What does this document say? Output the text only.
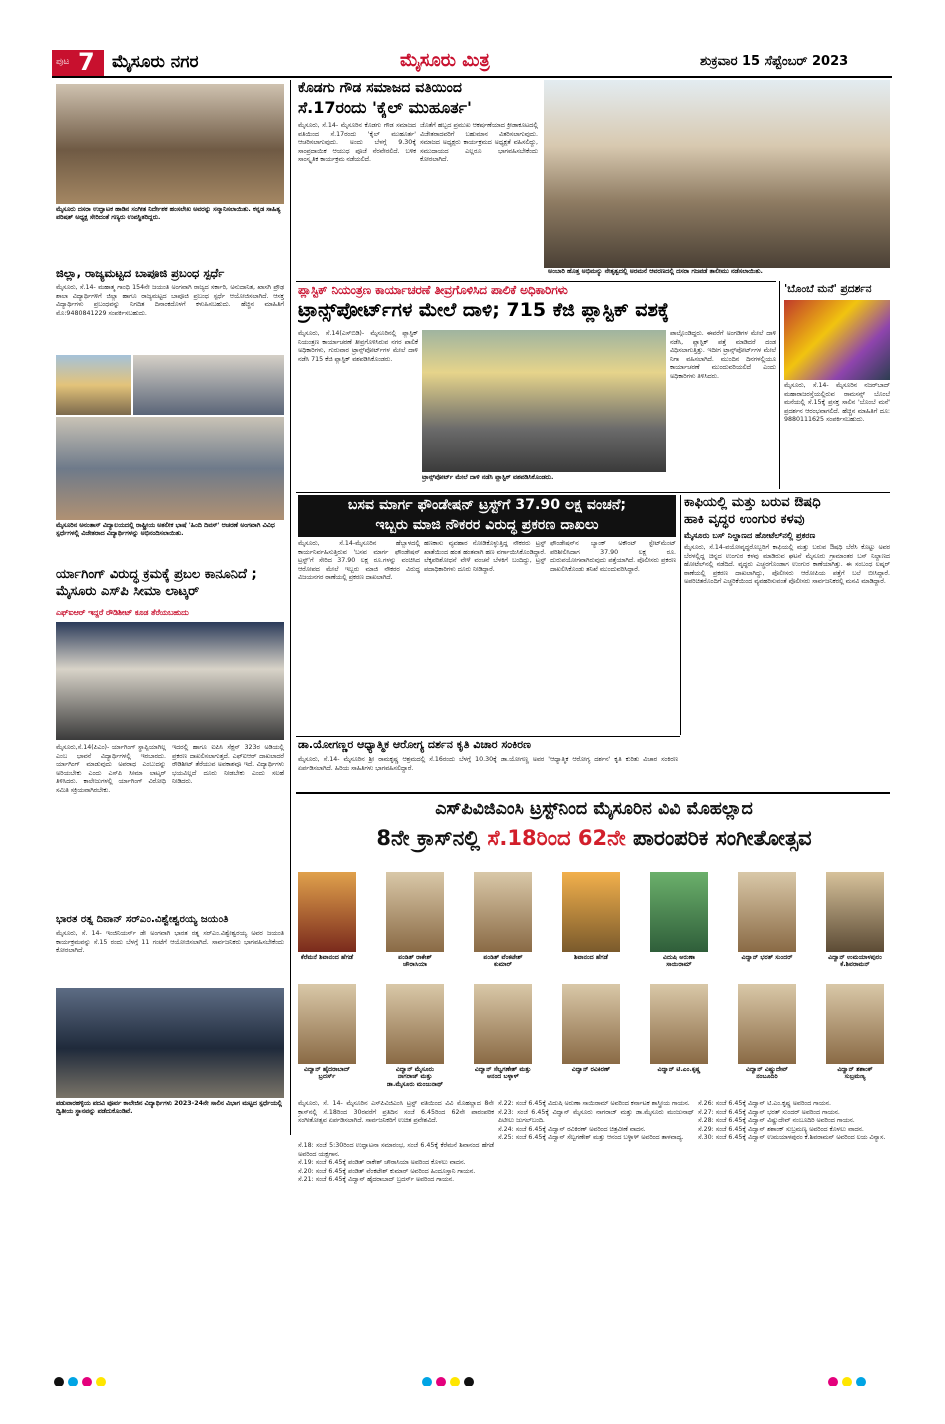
ಪುಟ 7 ಮೈಸೂರು ನಗರ	ಮೈಸೂರು ಮಿತ್ರ	ಶುಕ್ರವಾರ 15 ಸೆಪ್ಟೆಂಬರ್ 2023
ಮೈಸೂರು ದಸರಾ ಉದ್ಘಾಟಕ ಹಾಡಿನ ಸಂಗೀತ ನಿರ್ದೇಶಕ ಹಂಸಲೇಖ ಅವರನ್ನು ಸನ್ಮಾನಿಸಲಾಯಿತು. ಕನ್ನಡ ಸಾಹಿತ್ಯ ಪರಿಷತ್ ಅಧ್ಯಕ್ಷ ಸೇರಿದಂತೆ ಗಣ್ಯರು ಉಪಸ್ಥಿತರಿದ್ದರು.
ಜಿಲ್ಲಾ, ರಾಜ್ಯಮಟ್ಟದ ಬಾಪೂಜಿ ಪ್ರಬಂಧ ಸ್ಪರ್ಧೆ
ಮೈಸೂರು, ಸೆ.14- ಮಹಾತ್ಮ ಗಾಂಧಿ 154ನೇ ಜಯಂತಿ ಅಂಗವಾಗಿ ರಾಜ್ಯದ ಸರ್ಕಾರಿ, ಅನುದಾನಿತ, ಖಾಸಗಿ ಪ್ರೌಢ ಶಾಲಾ ವಿದ್ಯಾರ್ಥಿಗಳಿಗೆ ಜಿಲ್ಲಾ ಹಾಗೂ ರಾಜ್ಯಮಟ್ಟದ ಬಾಪೂಜಿ ಪ್ರಬಂಧ ಸ್ಪರ್ಧೆ ಆಯೋಜಿಸಲಾಗಿದೆ. ಆಸಕ್ತ ವಿದ್ಯಾರ್ಥಿಗಳು ಪ್ರಬಂಧವನ್ನು ನಿಗದಿತ ದಿನಾಂಕದೊಳಗೆ ಕಳುಹಿಸಬಹುದು. ಹೆಚ್ಚಿನ ಮಾಹಿತಿಗೆ ಮೊ:9480841229 ಸಂಪರ್ಕಿಸಬಹುದು.
ಮೈಸೂರಿನ ಅನಂತಾಸ್ ವಿದ್ಯಾಲಯದಲ್ಲಿ ರಾಷ್ಟ್ರೀಯ ಅತಲೀಕ ಭಾಷೆ 'ಹಿಂದಿ ದಿವಸ್' ಆಚರಣೆ ಅಂಗವಾಗಿ ವಿವಿಧ ಸ್ಪರ್ಧೆಗಳಲ್ಲಿ ವಿಜೇತರಾದ ವಿದ್ಯಾರ್ಥಿಗಳನ್ನು ಅಭಿನಂದಿಸಲಾಯಿತು.
ರ್ಯಾಗಿಂಗ್ ವಿರುದ್ಧ ಕ್ರಮಕ್ಕೆ ಪ್ರಬಲ ಕಾನೂನಿದೆ ; ಮೈಸೂರು ಎಸ್‌ಪಿ ಸೀಮಾ ಲಾಟ್ಕರ್
ಎಫ್‌ಐಆರ್ ಇದ್ದರೆ ರೌಡಿಶೀಟ್ ಕೂಡ ತೆರೆಯಬಹುದು
ಮೈಸೂರು,ಸೆ.14(ಪಿಎಂ)- ರ್ಯಾಗಿಂಗ್ ಸ್ಥಾಪ್ಪಿಯಾಗಿಲ್ಲ ಎಂಬ ಭಾವನೆ ವಿದ್ಯಾರ್ಥಿಗಳಲ್ಲಿ ಇರಬಾರದು. ರ್ಯಾಗಿಂಗ್ ಮಾಡುವುದು ಅಪರಾಧ ಎಂಬುದನ್ನು ಅರಿಯಬೇಕು ಎಂದು ಎಸ್‌ಪಿ ಸೀಮಾ ಲಾಟ್ಕರ್ ತಿಳಿಸಿದರು. ಕಾಲೇಜುಗಳಲ್ಲಿ ರ್ಯಾಗಿಂಗ್ ವಿರೋಧಿ ಸಮಿತಿ ಸಕ್ರಿಯವಾಗಿರಬೇಕು.
ಇದರಲ್ಲಿ ಹಾಗೂ ಐಪಿಸಿ ಸೆಕ್ಷನ್ 323ರ ಅಡಿಯಲ್ಲಿ ಪ್ರಕರಣ ದಾಖಲಿಸಲಾಗುತ್ತದೆ. ಎಫ್‌ಐಆರ್ ದಾಖಲಾದರೆ ರೌಡಿಶೀಟ್ ತೆರೆಯುವ ಅವಕಾಶವೂ ಇದೆ. ವಿದ್ಯಾರ್ಥಿಗಳು ಭಯವಿಲ್ಲದೆ ದೂರು ನೀಡಬೇಕು ಎಂದು ಸಲಹೆ ನೀಡಿದರು.
ಭಾರತ ರತ್ನ ದಿವಾನ್ ಸರ್‌ಎಂ.ವಿಶ್ವೇಶ್ವರಯ್ಯ ಜಯಂತಿ
ಮೈಸೂರು, ಸೆ. 14- ಇಂಜಿನಿಯರ್ಸ್ ಡೇ ಅಂಗವಾಗಿ ಭಾರತ ರತ್ನ ಸರ್‌ಎಂ.ವಿಶ್ವೇಶ್ವರಯ್ಯ ಅವರ ಜಯಂತಿ ಕಾರ್ಯಕ್ರಮವನ್ನು ಸೆ.15 ರಂದು ಬೆಳಗ್ಗೆ 11 ಗಂಟೆಗೆ ಆಯೋಜಿಸಲಾಗಿದೆ. ಸಾರ್ವಜನಿಕರು ಭಾಗವಹಿಸಬೇಕೆಂದು ಕೋರಲಾಗಿದೆ.
ಪಡುವಾರಹಳ್ಳಿಯ ಪದವಿ ಪೂರ್ವ ಕಾಲೇಜಿನ ವಿದ್ಯಾರ್ಥಿಗಳು 2023-24ನೇ ಸಾಲಿನ ವಿಭಾಗ ಮಟ್ಟದ ಸ್ಪರ್ಧೆಯಲ್ಲಿ ದ್ವಿತೀಯ ಸ್ಥಾನವನ್ನು ಪಡೆದುಕೊಂಡಿವೆ.
ಕೊಡಗು ಗೌಡ ಸಮಾಜದ ವತಿಯಿಂದ
ಸೆ.17ರಂದು 'ಕೈಲ್ ಮುಹೂರ್ತ'
ಮೈಸೂರು, ಸೆ.14- ಮೈಸೂರಿನ ಕೊಡಗು ಗೌಡ ಸಮಾಜದ ವತಿಯಿಂದ ಸೆ.17ರಂದು 'ಕೈಲ್ ಮುಹೂರ್ತ' ಆಚರಿಸಲಾಗುವುದು. ಅಂದು ಬೆಳಗ್ಗೆ 9.30ಕ್ಕೆ ಸಾಂಪ್ರದಾಯಿಕ ಆಯುಧ ಪೂಜೆ ನೆರವೇರಲಿದೆ. ಬಳಿಕ ಸಾಂಸ್ಕೃತಿಕ ಕಾರ್ಯಕ್ರಮ ನಡೆಯಲಿದೆ.
ಜೊತೆಗೆ ಹಬ್ಬದ ಪ್ರಮುಖ ಆಕರ್ಷಣೆಯಾದ ಕ್ರೀಡಾಕೂಟದಲ್ಲಿ ವಿಜೇತರಾದವರಿಗೆ ಬಹುಮಾನ ವಿತರಿಸಲಾಗುವುದು. ಸಮಾಜದ ಅಧ್ಯಕ್ಷರು ಕಾರ್ಯಕ್ರಮದ ಅಧ್ಯಕ್ಷತೆ ವಹಿಸಲಿದ್ದು, ಸಮುದಾಯದ ಎಲ್ಲರೂ ಭಾಗವಹಿಸಬೇಕೆಂದು ಕೋರಲಾಗಿದೆ.
ಅಂಬಾರಿ ಹೊತ್ತ ಅಭಿಮನ್ಯು ನೇತೃತ್ವದಲ್ಲಿ ಅರಮನೆ ಆವರಣದಲ್ಲಿ ದಸರಾ ಗಜಪಡೆ ತಾಲೀಮು ನಡೆಸಲಾಯಿತು.
ಪ್ಲಾಸ್ಟಿಕ್ ನಿಯಂತ್ರಣ ಕಾರ್ಯಾಚರಣೆ ತೀವ್ರಗೊಳಿಸಿದ ಪಾಲಿಕೆ ಅಧಿಕಾರಿಗಳು
ಟ್ರಾನ್ಸ್‌ಪೋರ್ಟ್‌ಗಳ ಮೇಲೆ ದಾಳಿ; 715 ಕೆಜಿ ಪ್ಲಾಸ್ಟಿಕ್ ವಶಕ್ಕೆ
ಮೈಸೂರು, ಸೆ.14(ಎಸ್‌ಬಿಡಿ)- ಮೈಸೂರಿನಲ್ಲಿ ಪ್ಲಾಸ್ಟಿಕ್ ನಿಯಂತ್ರಣ ಕಾರ್ಯಾಚರಣೆ ತೀವ್ರಗೊಳಿಸಿರುವ ನಗರ ಪಾಲಿಕೆ ಅಧಿಕಾರಿಗಳು, ಗುರುವಾರ ಟ್ರಾನ್ಸ್‌ಪೋರ್ಟ್‌ಗಳ ಮೇಲೆ ದಾಳಿ ನಡೆಸಿ 715 ಕೆಜಿ ಪ್ಲಾಸ್ಟಿಕ್ ವಶಪಡಿಸಿಕೊಂಡರು.
ಟ್ರಾನ್ಸ್‌ಪೋರ್ಟ್ ಮೇಲೆ ದಾಳಿ ನಡೆಸಿ ಪ್ಲಾಸ್ಟಿಕ್ ವಶಪಡಿಸಿಕೊಂಡರು.
ಪಾಲ್ಗೊಂಡಿದ್ದರು. ಈವರೆಗೆ ಅಂಗಡಿಗಳ ಮೇಲೆ ದಾಳಿ ನಡೆಸಿ, ಪ್ಲಾಸ್ಟಿಕ್ ಪತ್ತೆ ಮಾಡಿದರೆ ದಂಡ ವಿಧಿಸಲಾಗುತ್ತಿತ್ತು. ಇದೀಗ ಟ್ರಾನ್ಸ್‌ಪೋರ್ಟ್‌ಗಳ ಮೇಲೆ ನಿಗಾ ವಹಿಸಲಾಗಿದೆ. ಮುಂದಿನ ದಿನಗಳಲ್ಲಿಯೂ ಕಾರ್ಯಾಚರಣೆ ಮುಂದುವರಿಯಲಿದೆ ಎಂದು ಅಧಿಕಾರಿಗಳು ತಿಳಿಸಿದರು.
'ಬೊಂಬೆ ಮನೆ' ಪ್ರದರ್ಶನ
ಮೈಸೂರು, ಸೆ.14- ಮೈಸೂರಿನ ನಜರ್‌ಬಾದ್ ಮಹಾರಾಜರಸ್ತೆಯಲ್ಲಿರುವ ರಾಮಸನ್ಸ್ ಬೊಂಬೆ ಮನೆಯಲ್ಲಿ ಸೆ.15ಕ್ಕೆ ಪ್ರಸಕ್ತ ಸಾಲಿನ 'ಬೊಂಬೆ ಮನೆ' ಪ್ರದರ್ಶನ ಆರಂಭವಾಗಲಿದೆ. ಹೆಚ್ಚಿನ ಮಾಹಿತಿಗೆ ದೂ: 9880111625 ಸಂಪರ್ಕಿಸಬಹುದು.
ಬಸವ ಮಾರ್ಗ ಫೌಂಡೇಷನ್ ಟ್ರಸ್ಟ್‌ಗೆ 37.90 ಲಕ್ಷ ವಂಚನೆ;
ಇಬ್ಬರು ಮಾಜಿ ನೌಕರರ ವಿರುದ್ಧ ಪ್ರಕರಣ ದಾಖಲು
ಮೈಸೂರು, ಸೆ.14-ಮೈಸೂರಿನ ಹೆಬ್ಬಾಳದಲ್ಲಿ ಕಾರ್ಯನಿರ್ವಹಿಸುತ್ತಿರುವ 'ಬಸವ ಮಾರ್ಗ ಫೌಂಡೇಷನ್ ಟ್ರಸ್ಟ್‌'ಗೆ ಸೇರಿದ 37.90 ಲಕ್ಷ ರೂ.ಗಳನ್ನು ವಂಚಿಸಿದ ಆರೋಪದ ಮೇಲೆ ಇಬ್ಬರು ಮಾಜಿ ನೌಕರರ ವಿರುದ್ಧ ವಿಜಯನಗರ ಠಾಣೆಯಲ್ಲಿ ಪ್ರಕರಣ ದಾಖಲಾಗಿದೆ.
ಹಣಕಾಸು ವ್ಯವಹಾರ ನೋಡಿಕೊಳ್ಳುತ್ತಿದ್ದ ನೌಕರರು ಟ್ರಸ್ಟ್ ಖಾತೆಯಿಂದ ಹಂತ ಹಂತವಾಗಿ ಹಣ ವರ್ಗಾಯಿಸಿಕೊಂಡಿದ್ದಾರೆ. ಲೆಕ್ಕಪರಿಶೋಧನೆ ವೇಳೆ ವಂಚನೆ ಬೆಳಕಿಗೆ ಬಂದಿದ್ದು, ಟ್ರಸ್ಟ್ ಪದಾಧಿಕಾರಿಗಳು ದೂರು ನೀಡಿದ್ದಾರೆ.
ಫೌಂಡೇಷನ್‌ನ ಬ್ಯಾಂಕ್ ಅಕೌಂಟ್ ಸ್ಟೇಟ್‌ಮೆಂಟ್ ಪರಿಶೀಲಿಸಿದಾಗ 37.90 ಲಕ್ಷ ರೂ. ದುರುಪಯೋಗವಾಗಿರುವುದು ಪತ್ತೆಯಾಗಿದೆ. ಪೊಲೀಸರು ಪ್ರಕರಣ ದಾಖಲಿಸಿಕೊಂಡು ತನಿಖೆ ಮುಂದುವರಿಸಿದ್ದಾರೆ.
ಕಾಫಿಯಲ್ಲಿ ಮತ್ತು ಬರುವ ಔಷಧಿ
ಹಾಕಿ ವೃದ್ಧರ ಉಂಗುರ ಕಳವು
ಮೈಸೂರು ಬಸ್ ನಿಲ್ದಾಣದ ಹೋಟೆಲ್‌ನಲ್ಲಿ ಪ್ರಕರಣ
ಮೈಸೂರು, ಸೆ.14-ವಯೋವೃದ್ಧರೊಬ್ಬರಿಗೆ ಕಾಫಿಯಲ್ಲಿ ಮತ್ತು ಬರುವ ಔಷಧಿ ಬೆರೆಸಿ ಕೊಟ್ಟು ಅವರ ಬೆರಳಲ್ಲಿದ್ದ ಚಿನ್ನದ ಉಂಗುರ ಕಳವು ಮಾಡಿರುವ ಘಟನೆ ಮೈಸೂರು ಗ್ರಾಮಾಂತರ ಬಸ್ ನಿಲ್ದಾಣದ ಹೋಟೆಲ್‌ನಲ್ಲಿ ನಡೆದಿದೆ. ವೃದ್ಧರು ಎಚ್ಚರಗೊಂಡಾಗ ಉಂಗುರ ಕಾಣೆಯಾಗಿತ್ತು. ಈ ಸಂಬಂಧ ಲಷ್ಕರ್ ಠಾಣೆಯಲ್ಲಿ ಪ್ರಕರಣ ದಾಖಲಾಗಿದ್ದು, ಪೊಲೀಸರು ಆರೋಪಿಯ ಪತ್ತೆಗೆ ಬಲೆ ಬೀಸಿದ್ದಾರೆ. ಅಪರಿಚಿತರೊಂದಿಗೆ ಎಚ್ಚರಿಕೆಯಿಂದ ವ್ಯವಹರಿಸುವಂತೆ ಪೊಲೀಸರು ಸಾರ್ವಜನಿಕರಲ್ಲಿ ಮನವಿ ಮಾಡಿದ್ದಾರೆ.
ಡಾ.ಯೋಗಣ್ಣರ ಆಧ್ಯಾತ್ಮಿಕ ಆರೋಗ್ಯ ದರ್ಶನ ಕೃತಿ ವಿಚಾರ ಸಂಕಿರಣ
ಮೈಸೂರು, ಸೆ.14- ಮೈಸೂರಿನ ಶ್ರೀ ರಾಮಕೃಷ್ಣ ಆಶ್ರಮದಲ್ಲಿ ಸೆ.16ರಂದು ಬೆಳಗ್ಗೆ 10.30ಕ್ಕೆ ಡಾ.ಯೋಗಣ್ಣ ಅವರ 'ಆಧ್ಯಾತ್ಮಿಕ ಆರೋಗ್ಯ ದರ್ಶನ' ಕೃತಿ ಕುರಿತು ವಿಚಾರ ಸಂಕಿರಣ ಏರ್ಪಡಿಸಲಾಗಿದೆ. ಹಿರಿಯ ಸಾಹಿತಿಗಳು ಭಾಗವಹಿಸಲಿದ್ದಾರೆ.
ಎಸ್‌ಪಿವಿಜಿಎಂಸಿ ಟ್ರಸ್ಟ್‌ನಿಂದ ಮೈಸೂರಿನ ವಿವಿ ಮೊಹಲ್ಲಾದ
8ನೇ ಕ್ರಾಸ್‌ನಲ್ಲಿ ಸೆ.18ರಿಂದ 62ನೇ ಪಾರಂಪರಿಕ ಸಂಗೀತೋತ್ಸವ
ಕೆರೆಮನೆ ಶಿವಾನಂದ ಹೆಗಡೆ	ಪಂಡಿತ್ ರಾಕೇಶ್ ಚೌರಾಸಿಯಾ
ಪಂಡಿತ್ ವೆಂಕಟೇಶ್ ಕುಮಾರ್
ಶಿವಾನಂದ ಹೆಗಡೆ	ವಿದುಷಿ ಅರುಣಾ ಸಾಯಿರಾಮ್
ವಿದ್ವಾನ್ ಭರತ್ ಸುಂದರ್	ವಿದ್ವಾನ್ ಉಮಯಾಳಪುರಂ ಕೆ.ಶಿವರಾಮನ್
ವಿದ್ವಾನ್ ಹೈದರಾಬಾದ್ ಬ್ರದರ್ಸ್
ವಿದ್ವಾನ್ ಮೈಸೂರು ನಾಗರಾಜ್ ಮತ್ತು ಡಾ.ಮೈಸೂರು ಮಂಜುನಾಥ್
ವಿದ್ವಾನ್ ಸೆಲ್ವಗಣೇಶ್ ಮತ್ತು ಆನಂದ ಬಳ್ಳಾಳ್
ವಿದ್ವಾನ್ ರವಿಕಿರಣ್	ವಿದ್ವಾನ್ ಟಿ.ಎಂ.ಕೃಷ್ಣ	ವಿದ್ವಾನ್ ವಿಷ್ಣುದೇವ್ ನಂಬೂದಿರಿ
ವಿದ್ವಾನ್ ಶಶಾಂಕ್ ಸುಬ್ರಮಣ್ಯ
ಮೈಸೂರು, ಸೆ. 14- ಮೈಸೂರಿನ ಎಸ್‌ಪಿವಿಜಿಎಂಸಿ ಟ್ರಸ್ಟ್ ವತಿಯಿಂದ ವಿವಿ ಮೊಹಲ್ಲಾದ 8ನೇ ಕ್ರಾಸ್‌ನಲ್ಲಿ ಸೆ.18ರಿಂದ 30ರವರೆಗೆ ಪ್ರತಿದಿನ ಸಂಜೆ 6.45ರಿಂದ 62ನೇ ಪಾರಂಪರಿಕ ಸಂಗೀತೋತ್ಸವ ಏರ್ಪಡಿಸಲಾಗಿದೆ. ಸಾರ್ವಜನಿಕರಿಗೆ ಉಚಿತ ಪ್ರವೇಶವಿದೆ.
ಸೆ.18: ಸಂಜೆ 5:30ರಿಂದ ಉದ್ಘಾಟನಾ ಸಮಾರಂಭ, ಸಂಜೆ 6.45ಕ್ಕೆ ಕೆರೆಮನೆ ಶಿವಾನಂದ ಹೆಗಡೆ ಅವರಿಂದ ಯಕ್ಷಗಾನ.
ಸೆ.19: ಸಂಜೆ 6.45ಕ್ಕೆ ಪಂಡಿತ್ ರಾಕೇಶ್ ಚೌರಾಸಿಯಾ ಅವರಿಂದ ಕೊಳಲು ವಾದನ.
ಸೆ.20: ಸಂಜೆ 6.45ಕ್ಕೆ ಪಂಡಿತ್ ವೆಂಕಟೇಶ್ ಕುಮಾರ್ ಅವರಿಂದ ಹಿಂದೂಸ್ತಾನಿ ಗಾಯನ.
ಸೆ.21: ಸಂಜೆ 6.45ಕ್ಕೆ ವಿದ್ವಾನ್ ಹೈದರಾಬಾದ್ ಬ್ರದರ್ಸ್ ಅವರಿಂದ ಗಾಯನ.
ಸೆ.22: ಸಂಜೆ 6.45ಕ್ಕೆ ವಿದುಷಿ ಅರುಣಾ ಸಾಯಿರಾಮ್ ಅವರಿಂದ ಕರ್ನಾಟಕ ಶಾಸ್ತ್ರೀಯ ಗಾಯನ.
ಸೆ.23: ಸಂಜೆ 6.45ಕ್ಕೆ ವಿದ್ವಾನ್ ಮೈಸೂರು ನಾಗರಾಜ್ ಮತ್ತು ಡಾ.ಮೈಸೂರು ಮಂಜುನಾಥ್ ಪಿಟೀಲು ಜುಗಲ್‌ಬಂದಿ.
ಸೆ.24: ಸಂಜೆ 6.45ಕ್ಕೆ ವಿದ್ವಾನ್ ರವಿಕಿರಣ್ ಅವರಿಂದ ಚಿತ್ರವೀಣೆ ವಾದನ.
ಸೆ.25: ಸಂಜೆ 6.45ಕ್ಕೆ ವಿದ್ವಾನ್ ಸೆಲ್ವಗಣೇಶ್ ಮತ್ತು ಆನಂದ ಬಳ್ಳಾಳ್ ಅವರಿಂದ ತಾಳವಾದ್ಯ.
ಸೆ.26: ಸಂಜೆ 6.45ಕ್ಕೆ ವಿದ್ವಾನ್ ಟಿ.ಎಂ.ಕೃಷ್ಣ ಅವರಿಂದ ಗಾಯನ.
ಸೆ.27: ಸಂಜೆ 6.45ಕ್ಕೆ ವಿದ್ವಾನ್ ಭರತ್ ಸುಂದರ್ ಅವರಿಂದ ಗಾಯನ.
ಸೆ.28: ಸಂಜೆ 6.45ಕ್ಕೆ ವಿದ್ವಾನ್ ವಿಷ್ಣುದೇವ್ ನಂಬೂದಿರಿ ಅವರಿಂದ ಗಾಯನ.
ಸೆ.29: ಸಂಜೆ 6.45ಕ್ಕೆ ವಿದ್ವಾನ್ ಶಶಾಂಕ್ ಸುಬ್ರಮಣ್ಯ ಅವರಿಂದ ಕೊಳಲು ವಾದನ.
ಸೆ.30: ಸಂಜೆ 6.45ಕ್ಕೆ ವಿದ್ವಾನ್ ಉಮಯಾಳಪುರಂ ಕೆ.ಶಿವರಾಮನ್ ಅವರಿಂದ ಲಯ ವಿನ್ಯಾಸ.
